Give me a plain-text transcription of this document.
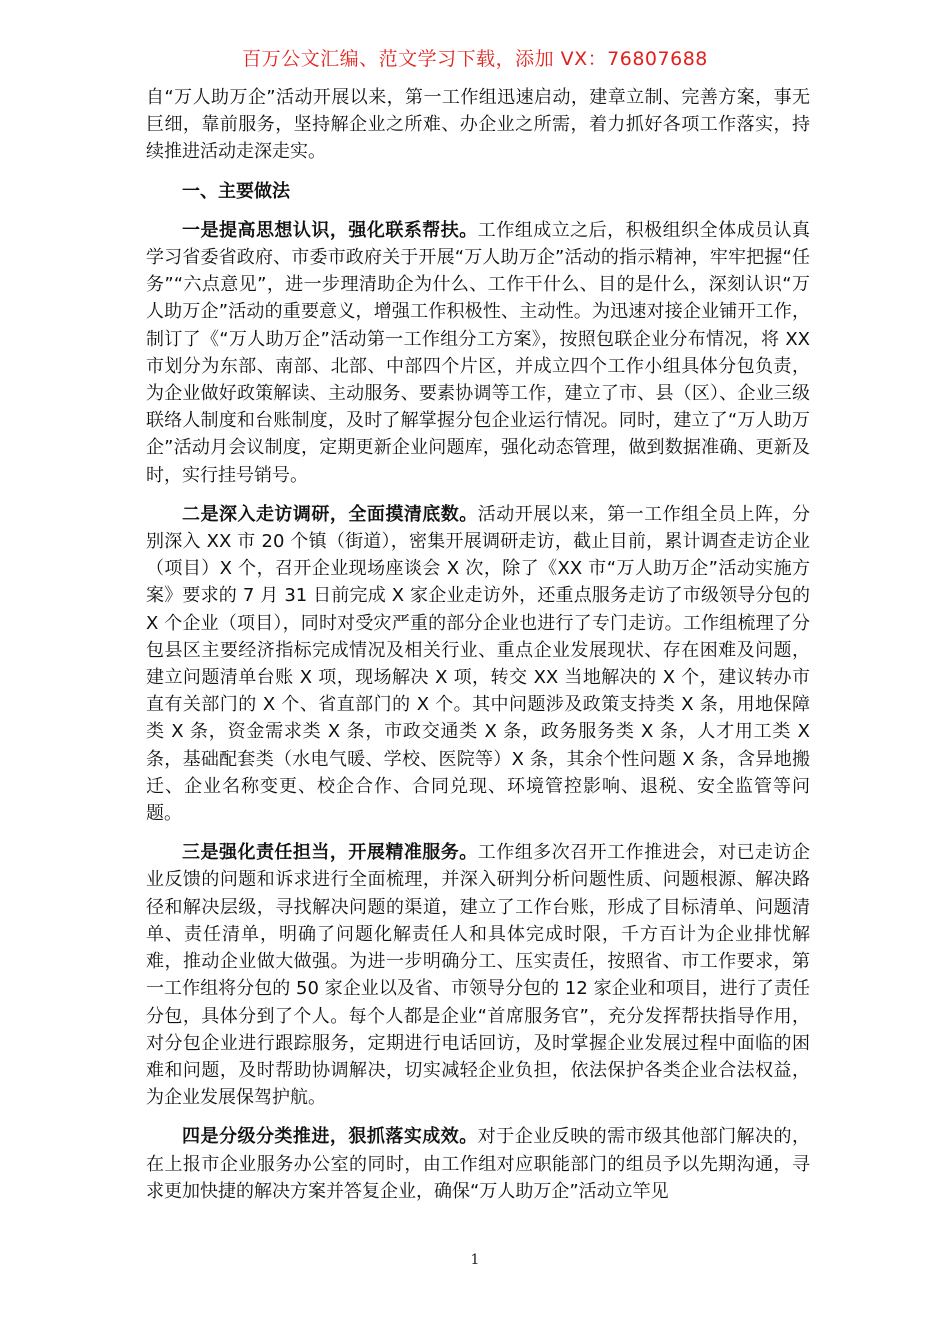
百万公文汇编、范文学习下载，添加 VX：76807688

自“万人助万企”活动开展以来，第一工作组迅速启动，建章立制、完善方案，事无巨细，靠前服务，坚持解企业之所难、办企业之所需，着力抓好各项工作落实，持续推进活动走深走实。

一、主要做法

一是提高思想认识，强化联系帮扶。工作组成立之后，积极组织全体成员认真学习省委省政府、市委市政府关于开展“万人助万企”活动的指示精神，牢牢把握“任务”“六点意见”，进一步理清助企为什么、工作干什么、目的是什么，深刻认识“万人助万企”活动的重要意义，增强工作积极性、主动性。为迅速对接企业铺开工作，制订了《“万人助万企”活动第一工作组分工方案》，按照包联企业分布情况，将 XX 市划分为东部、南部、北部、中部四个片区，并成立四个工作小组具体分包负责，为企业做好政策解读、主动服务、要素协调等工作，建立了市、县（区）、企业三级联络人制度和台账制度，及时了解掌握分包企业运行情况。同时，建立了“万人助万企”活动月会议制度，定期更新企业问题库，强化动态管理，做到数据准确、更新及时，实行挂号销号。

二是深入走访调研，全面摸清底数。活动开展以来，第一工作组全员上阵，分别深入 XX 市 20 个镇（街道），密集开展调研走访，截止目前，累计调查走访企业（项目）X 个，召开企业现场座谈会 X 次，除了《XX 市“万人助万企”活动实施方案》要求的 7 月 31 日前完成 X 家企业走访外，还重点服务走访了市级领导分包的 X 个企业（项目），同时对受灾严重的部分企业也进行了专门走访。工作组梳理了分包县区主要经济指标完成情况及相关行业、重点企业发展现状、存在困难及问题，建立问题清单台账 X 项，现场解决 X 项，转交 XX 当地解决的 X 个，建议转办市直有关部门的 X 个、省直部门的 X 个。其中问题涉及政策支持类 X 条，用地保障类 X 条，资金需求类 X 条，市政交通类 X 条，政务服务类 X 条，人才用工类 X 条，基础配套类（水电气暖、学校、医院等）X 条，其余个性问题 X 条，含异地搬迁、企业名称变更、校企合作、合同兑现、环境管控影响、退税、安全监管等问题。

三是强化责任担当，开展精准服务。工作组多次召开工作推进会，对已走访企业反馈的问题和诉求进行全面梳理，并深入研判分析问题性质、问题根源、解决路径和解决层级，寻找解决问题的渠道，建立了工作台账，形成了目标清单、问题清单、责任清单，明确了问题化解责任人和具体完成时限，千方百计为企业排忧解难，推动企业做大做强。为进一步明确分工、压实责任，按照省、市工作要求，第一工作组将分包的 50 家企业以及省、市领导分包的 12 家企业和项目，进行了责任分包，具体分到了个人。每个人都是企业“首席服务官”，充分发挥帮扶指导作用，对分包企业进行跟踪服务，定期进行电话回访，及时掌握企业发展过程中面临的困难和问题，及时帮助协调解决，切实减轻企业负担，依法保护各类企业合法权益，为企业发展保驾护航。

四是分级分类推进，狠抓落实成效。对于企业反映的需市级其他部门解决的，在上报市企业服务办公室的同时，由工作组对应职能部门的组员予以先期沟通，寻求更加快捷的解决方案并答复企业，确保“万人助万企”活动立竿见

1
